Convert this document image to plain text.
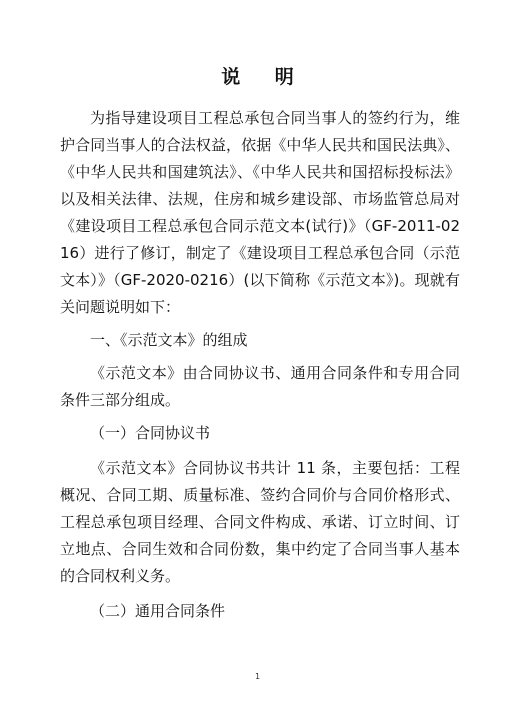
说 明

为指导建设项目工程总承包合同当事人的签约行为，维护合同当事人的合法权益，依据《中华人民共和国民法典》、《中华人民共和国建筑法》、《中华人民共和国招标投标法》以及相关法律、法规，住房和城乡建设部、市场监管总局对《建设项目工程总承包合同示范文本(试行)》（GF-2011-0216）进行了修订，制定了《建设项目工程总承包合同（示范文本）》（GF-2020-0216）(以下简称《示范文本》)。现就有关问题说明如下：

一、《示范文本》的组成

《示范文本》由合同协议书、通用合同条件和专用合同条件三部分组成。

（一）合同协议书

《示范文本》合同协议书共计 11 条，主要包括：工程概况、合同工期、质量标准、签约合同价与合同价格形式、工程总承包项目经理、合同文件构成、承诺、订立时间、订立地点、合同生效和合同份数，集中约定了合同当事人基本的合同权利义务。

（二）通用合同条件

1
